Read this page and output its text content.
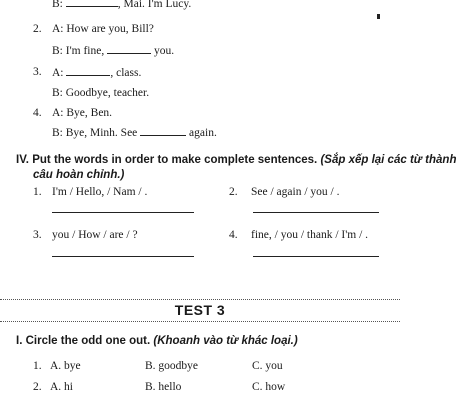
B:	, Mai. I'm Lucy.
2. A: How are you, Bill?
B: I'm fine,	you.
3. A:	, class.
B: Goodbye, teacher.
4. A: Bye, Ben.
B: Bye, Minh. See	again.
IV. Put the words in order to make complete sentences. (Sắp xếp lại các từ thành
câu hoàn chỉnh.)
1. I'm / Hello, / Nam / .	2. See / again / you / .
3. you / How / are / ?	4. fine, / you / thank / I'm / .
TEST 3
I. Circle the odd one out. (Khoanh vào từ khác loại.)
1. A. bye	B. goodbye	C. you
2. A. hi	B. hello	C. how
